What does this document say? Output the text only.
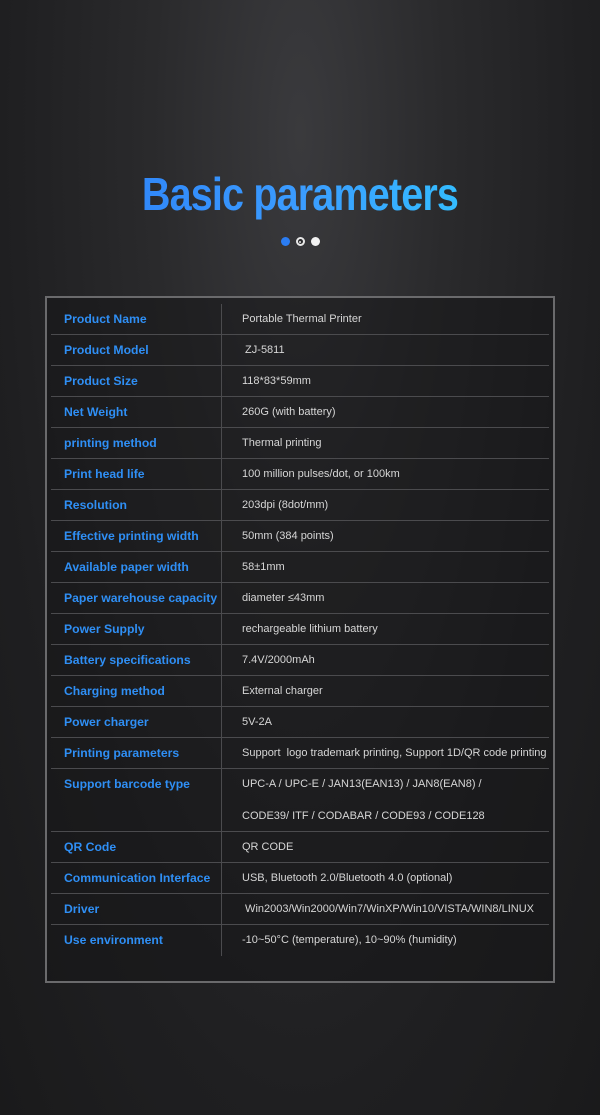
Basic parameters
Product Name	Portable Thermal Printer
Product Model	ZJ-5811
Product Size	118*83*59mm
Net Weight	260G (with battery)
printing method	Thermal printing
Print head life	100 million pulses/dot, or 100km
Resolution	203dpi (8dot/mm)
Effective printing width	50mm (384 points)
Available paper width	58±1mm
Paper warehouse capacity	diameter ≤43mm
Power Supply	rechargeable lithium battery
Battery specifications	7.4V/2000mAh
Charging method	External charger
Power charger	5V-2A
Printing parameters	Support  logo trademark printing, Support 1D/QR code printing
Support barcode type	UPC-A / UPC-E / JAN13(EAN13) / JAN8(EAN8) /
CODE39/ ITF / CODABAR / CODE93 / CODE128
QR Code	QR CODE
Communication Interface	USB, Bluetooth 2.0/Bluetooth 4.0 (optional)
Driver	Win2003/Win2000/Win7/WinXP/Win10/VISTA/WIN8/LINUX
Use environment	-10~50°C (temperature), 10~90% (humidity)
